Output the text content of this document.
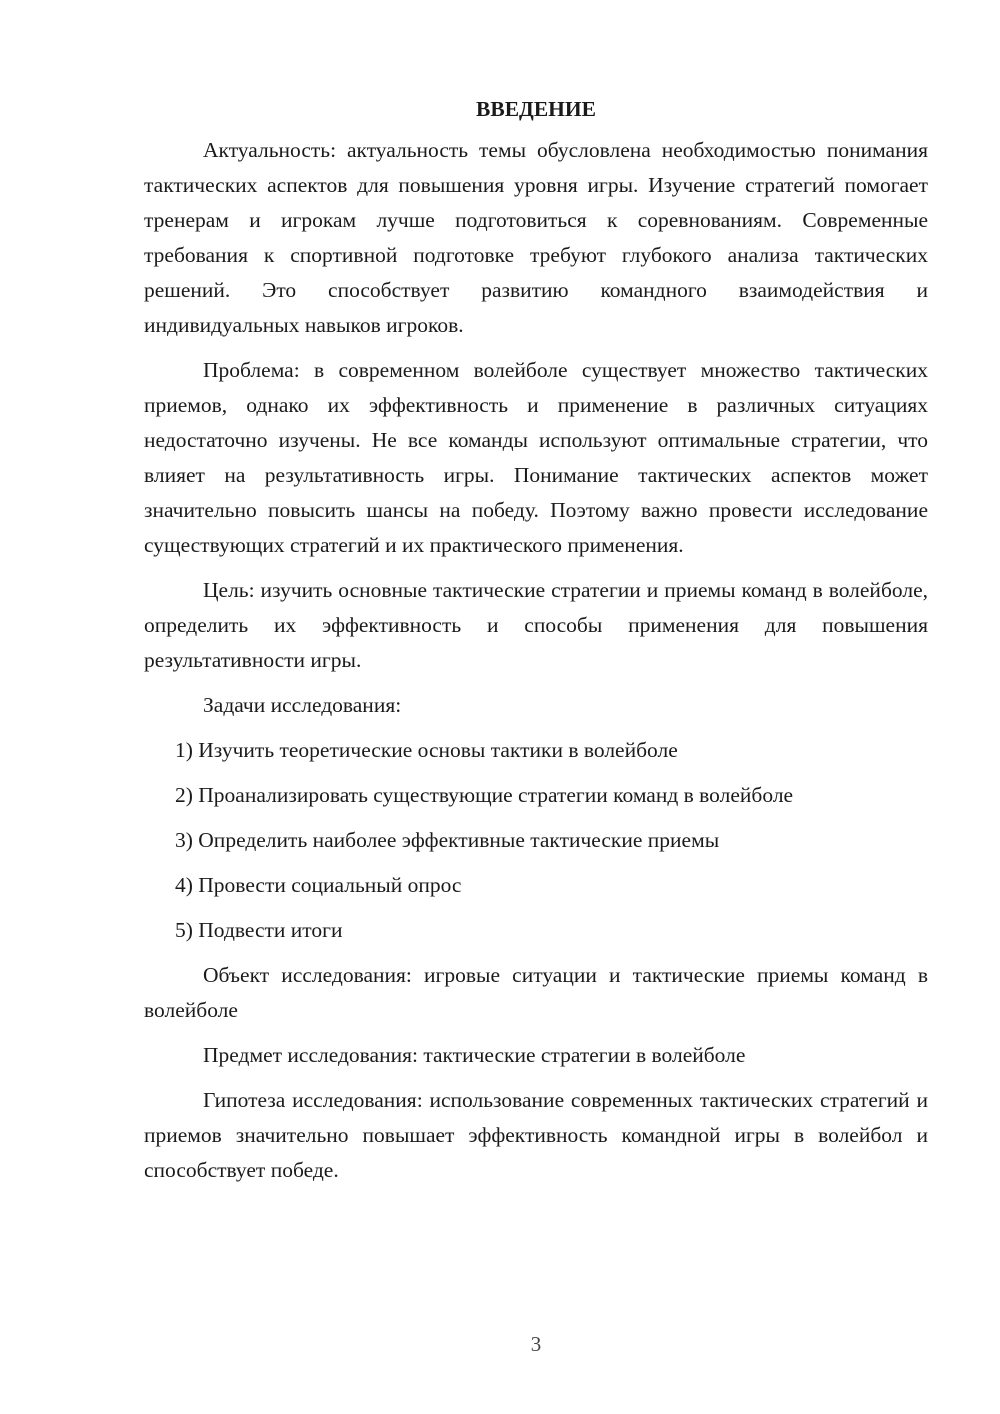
ВВЕДЕНИЕ

Актуальность: актуальность темы обусловлена необходимостью понимания тактических аспектов для повышения уровня игры. Изучение стратегий помогает тренерам и игрокам лучше подготовиться к соревнованиям. Современные требования к спортивной подготовке требуют глубокого анализа тактических решений. Это способствует развитию командного взаимодействия и индивидуальных навыков игроков.

Проблема: в современном волейболе существует множество тактических приемов, однако их эффективность и применение в различных ситуациях недостаточно изучены. Не все команды используют оптимальные стратегии, что влияет на результативность игры. Понимание тактических аспектов может значительно повысить шансы на победу. Поэтому важно провести исследование существующих стратегий и их практического применения.

Цель: изучить основные тактические стратегии и приемы команд в волейболе, определить их эффективность и способы применения для повышения результативности игры.

Задачи исследования:

1) Изучить теоретические основы тактики в волейболе

2) Проанализировать существующие стратегии команд в волейболе

3) Определить наиболее эффективные тактические приемы

4) Провести социальный опрос

5) Подвести итоги

Объект исследования: игровые ситуации и тактические приемы команд в волейболе

Предмет исследования: тактические стратегии в волейболе

Гипотеза исследования: использование современных тактических стратегий и приемов значительно повышает эффективность командной игры в волейбол и способствует победе.

3
